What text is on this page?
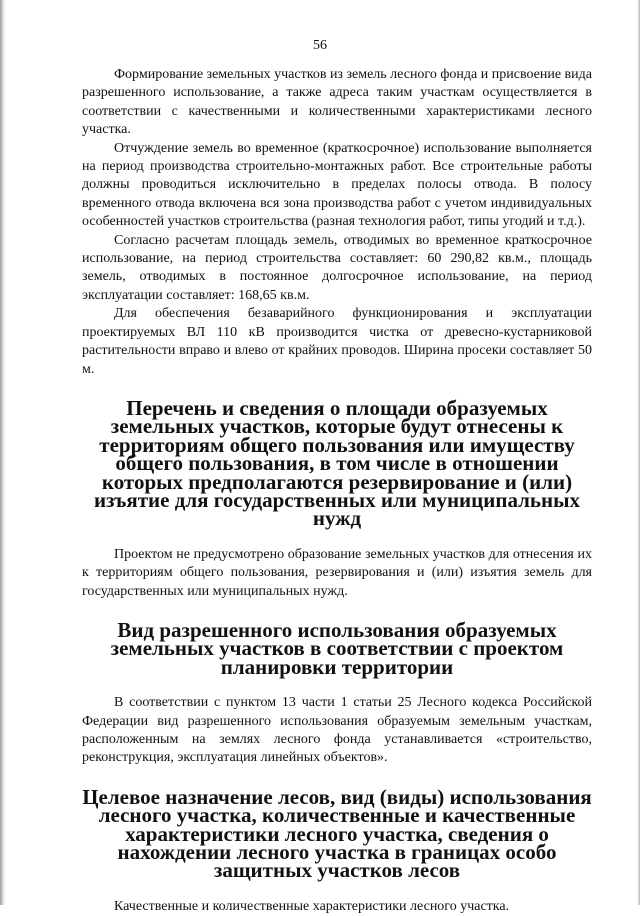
56

Формирование земельных участков из земель лесного фонда и присвоение вида разрешенного использование, а также адреса таким участкам осуществляется в соответствии с качественными и количественными характеристиками лесного участка.

Отчуждение земель во временное (краткосрочное) использование выполняется на период производства строительно-монтажных работ. Все строительные работы должны проводиться исключительно в пределах полосы отвода. В полосу временного отвода включена вся зона производства работ с учетом индивидуальных особенностей участков строительства (разная технология работ, типы угодий и т.д.).

Согласно расчетам площадь земель, отводимых во временное краткосрочное использование, на период строительства составляет: 60 290,82 кв.м., площадь земель, отводимых в постоянное долгосрочное использование, на период эксплуатации составляет: 168,65 кв.м.

Для обеспечения безаварийного функционирования и эксплуатации проектируемых ВЛ 110 кВ производится чистка от древесно-кустарниковой растительности вправо и влево от крайних проводов. Ширина просеки составляет 50 м.

Перечень и сведения о площади образуемых земельных участков, которые будут отнесены к территориям общего пользования или имуществу общего пользования, в том числе в отношении которых предполагаются резервирование и (или) изъятие для государственных или муниципальных нужд

Проектом не предусмотрено образование земельных участков для отнесения их к территориям общего пользования, резервирования и (или) изъятия земель для государственных или муниципальных нужд.

Вид разрешенного использования образуемых земельных участков в соответствии с проектом планировки территории

В соответствии с пунктом 13 части 1 статьи 25 Лесного кодекса Российской Федерации вид разрешенного использования образуемым земельным участкам, расположенным на землях лесного фонда устанавливается «строительство, реконструкция, эксплуатация линейных объектов».

Целевое назначение лесов, вид (виды) использования лесного участка, количественные и качественные характеристики лесного участка, сведения о нахождении лесного участка в границах особо защитных участков лесов

Качественные и количественные характеристики лесного участка.
